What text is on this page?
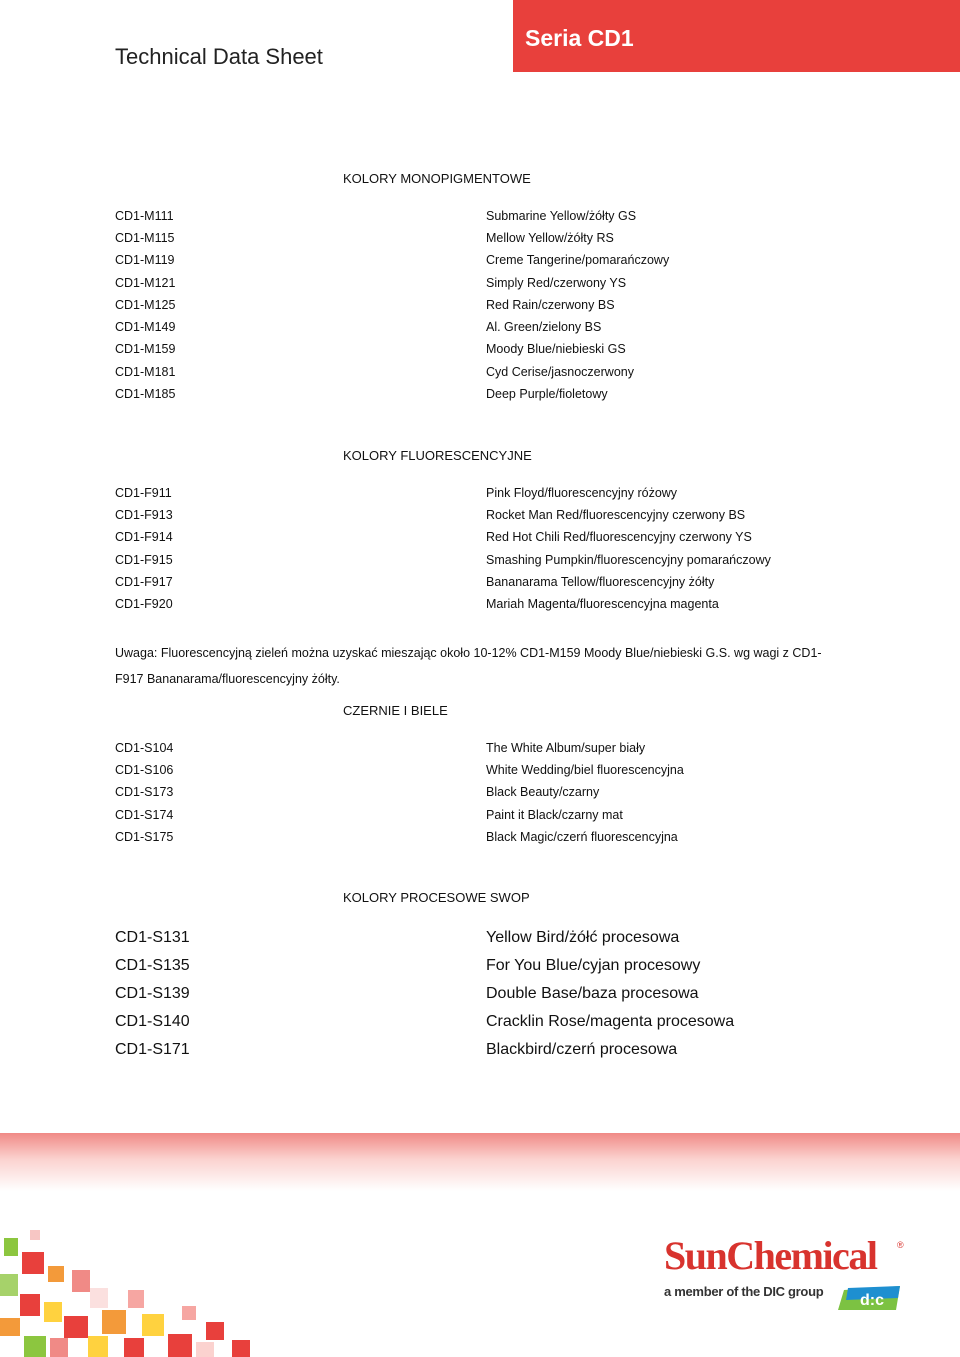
Technical Data Sheet
Seria CD1
KOLORY MONOPIGMENTOWE
CD1-M111	Submarine Yellow/żółty GS
CD1-M115	Mellow Yellow/żółty RS
CD1-M119	Creme Tangerine/pomarańczowy
CD1-M121	Simply Red/czerwony YS
CD1-M125	Red Rain/czerwony BS
CD1-M149	Al. Green/zielony BS
CD1-M159	Moody Blue/niebieski GS
CD1-M181	Cyd Cerise/jasnoczerwony
CD1-M185	Deep Purple/fioletowy
KOLORY FLUORESCENCYJNE
CD1-F911	Pink Floyd/fluorescencyjny różowy
CD1-F913	Rocket Man Red/fluorescencyjny czerwony BS
CD1-F914	Red Hot Chili Red/fluorescencyjny czerwony YS
CD1-F915	Smashing Pumpkin/fluorescencyjny pomarańczowy
CD1-F917	Bananarama Tellow/fluorescencyjny żółty
CD1-F920	Mariah Magenta/fluorescencyjna magenta
Uwaga: Fluorescencyjną zieleń można uzyskać mieszając około 10-12% CD1-M159 Moody Blue/niebieski G.S. wg wagi z CD1-
F917 Bananarama/fluorescencyjny żółty.
CZERNIE I BIELE
CD1-S104	The White Album/super biały
CD1-S106	White Wedding/biel fluorescencyjna
CD1-S173	Black Beauty/czarny
CD1-S174	Paint it Black/czarny mat
CD1-S175	Black Magic/czerń fluorescencyjna
KOLORY PROCESOWE SWOP
CD1-S131	Yellow Bird/żółć procesowa
CD1-S135	For You Blue/cyjan procesowy
CD1-S139	Double Base/baza procesowa
CD1-S140	Cracklin Rose/magenta procesowa
CD1-S171	Blackbird/czerń procesowa
SunChemical ®
a member of the DIC group
d:c
